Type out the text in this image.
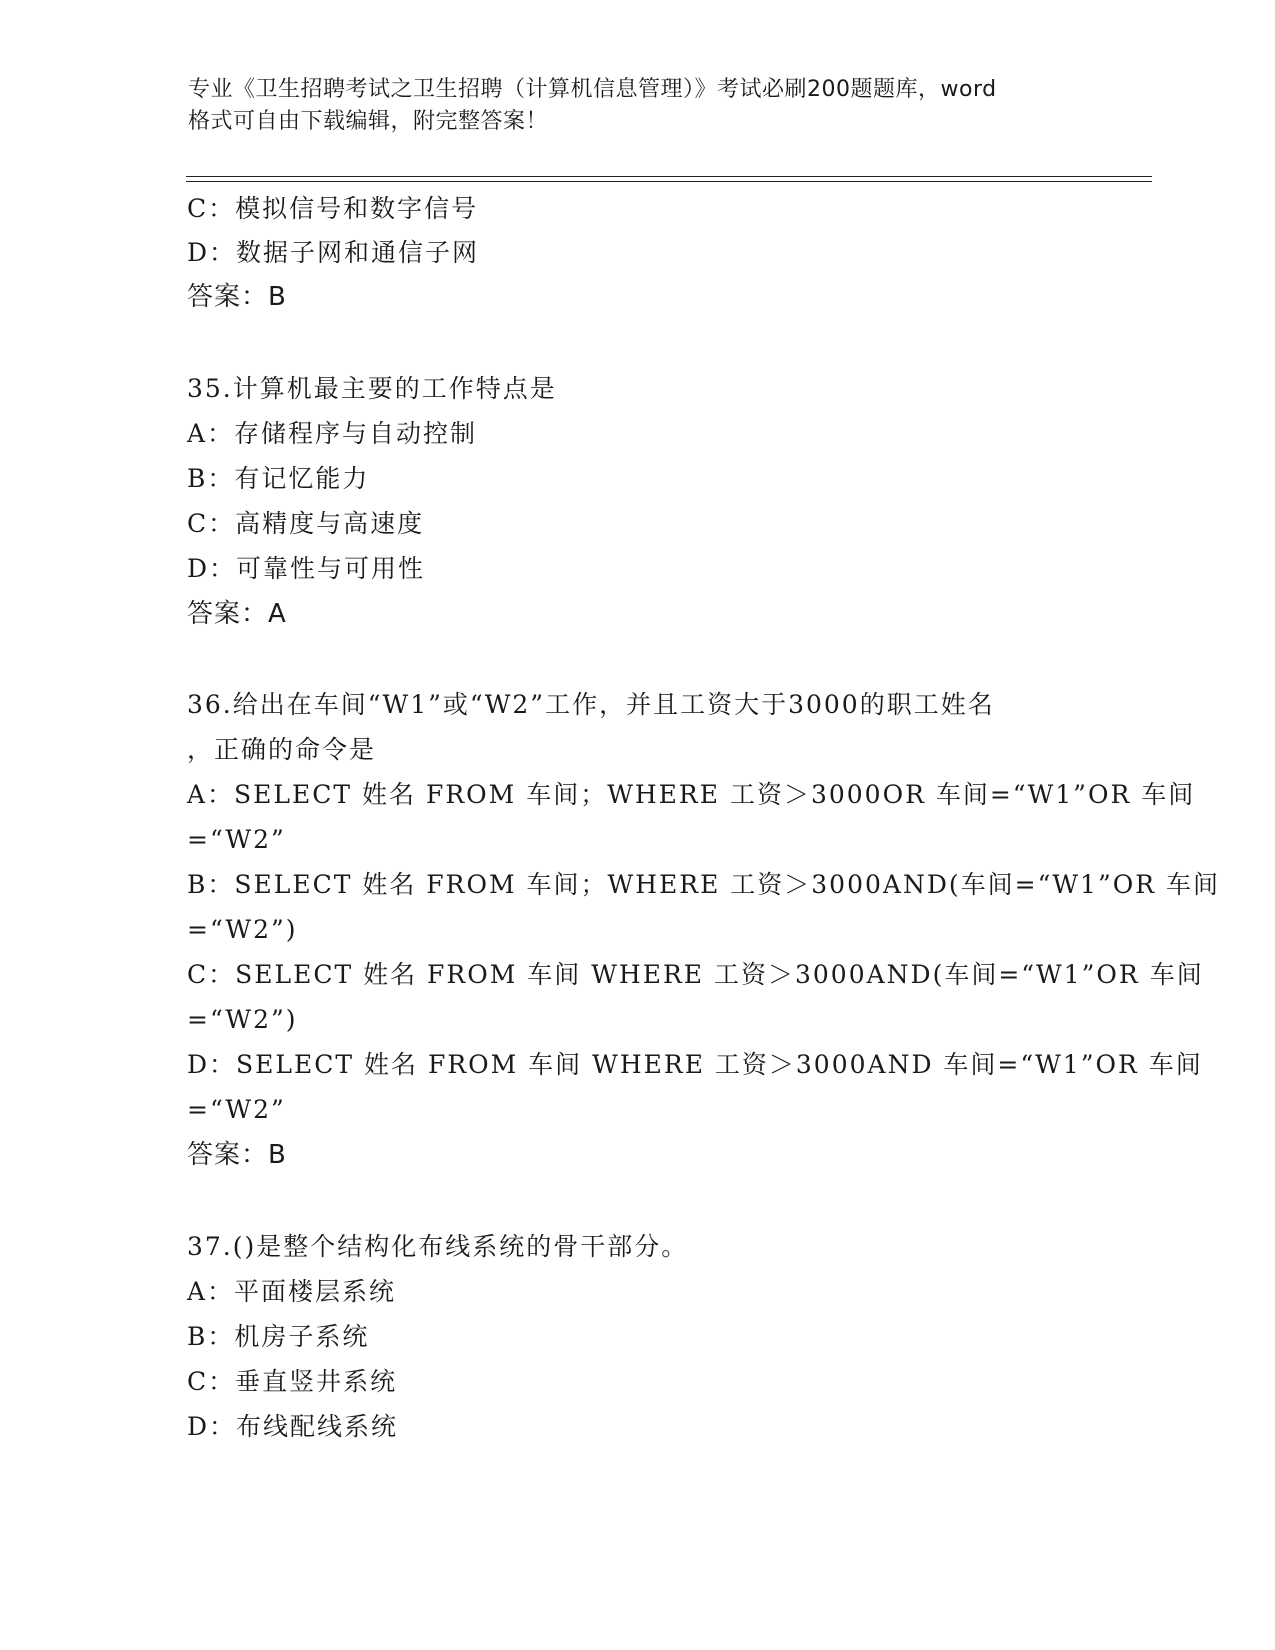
专业《卫生招聘考试之卫生招聘（计算机信息管理）》考试必刷200题题库，word
格式可自由下载编辑，附完整答案！
C：模拟信号和数字信号
D：数据子网和通信子网
答案：B
35.计算机最主要的工作特点是
A：存储程序与自动控制
B：有记忆能力
C：高精度与高速度
D：可靠性与可用性
答案：A
36.给出在车间“W1”或“W2”工作，并且工资大于3000的职工姓名
，正确的命令是
A：SELECT 姓名 FROM 车间；WHERE 工资＞3000OR 车间=“W1”OR 车间
=“W2”
B：SELECT 姓名 FROM 车间；WHERE 工资＞3000AND(车间=“W1”OR 车间
=“W2”)
C：SELECT 姓名 FROM 车间 WHERE 工资＞3000AND(车间=“W1”OR 车间
=“W2”)
D：SELECT 姓名 FROM 车间 WHERE 工资＞3000AND 车间=“W1”OR 车间
=“W2”
答案：B
37.()是整个结构化布线系统的骨干部分。
A：平面楼层系统
B：机房子系统
C：垂直竖井系统
D：布线配线系统
